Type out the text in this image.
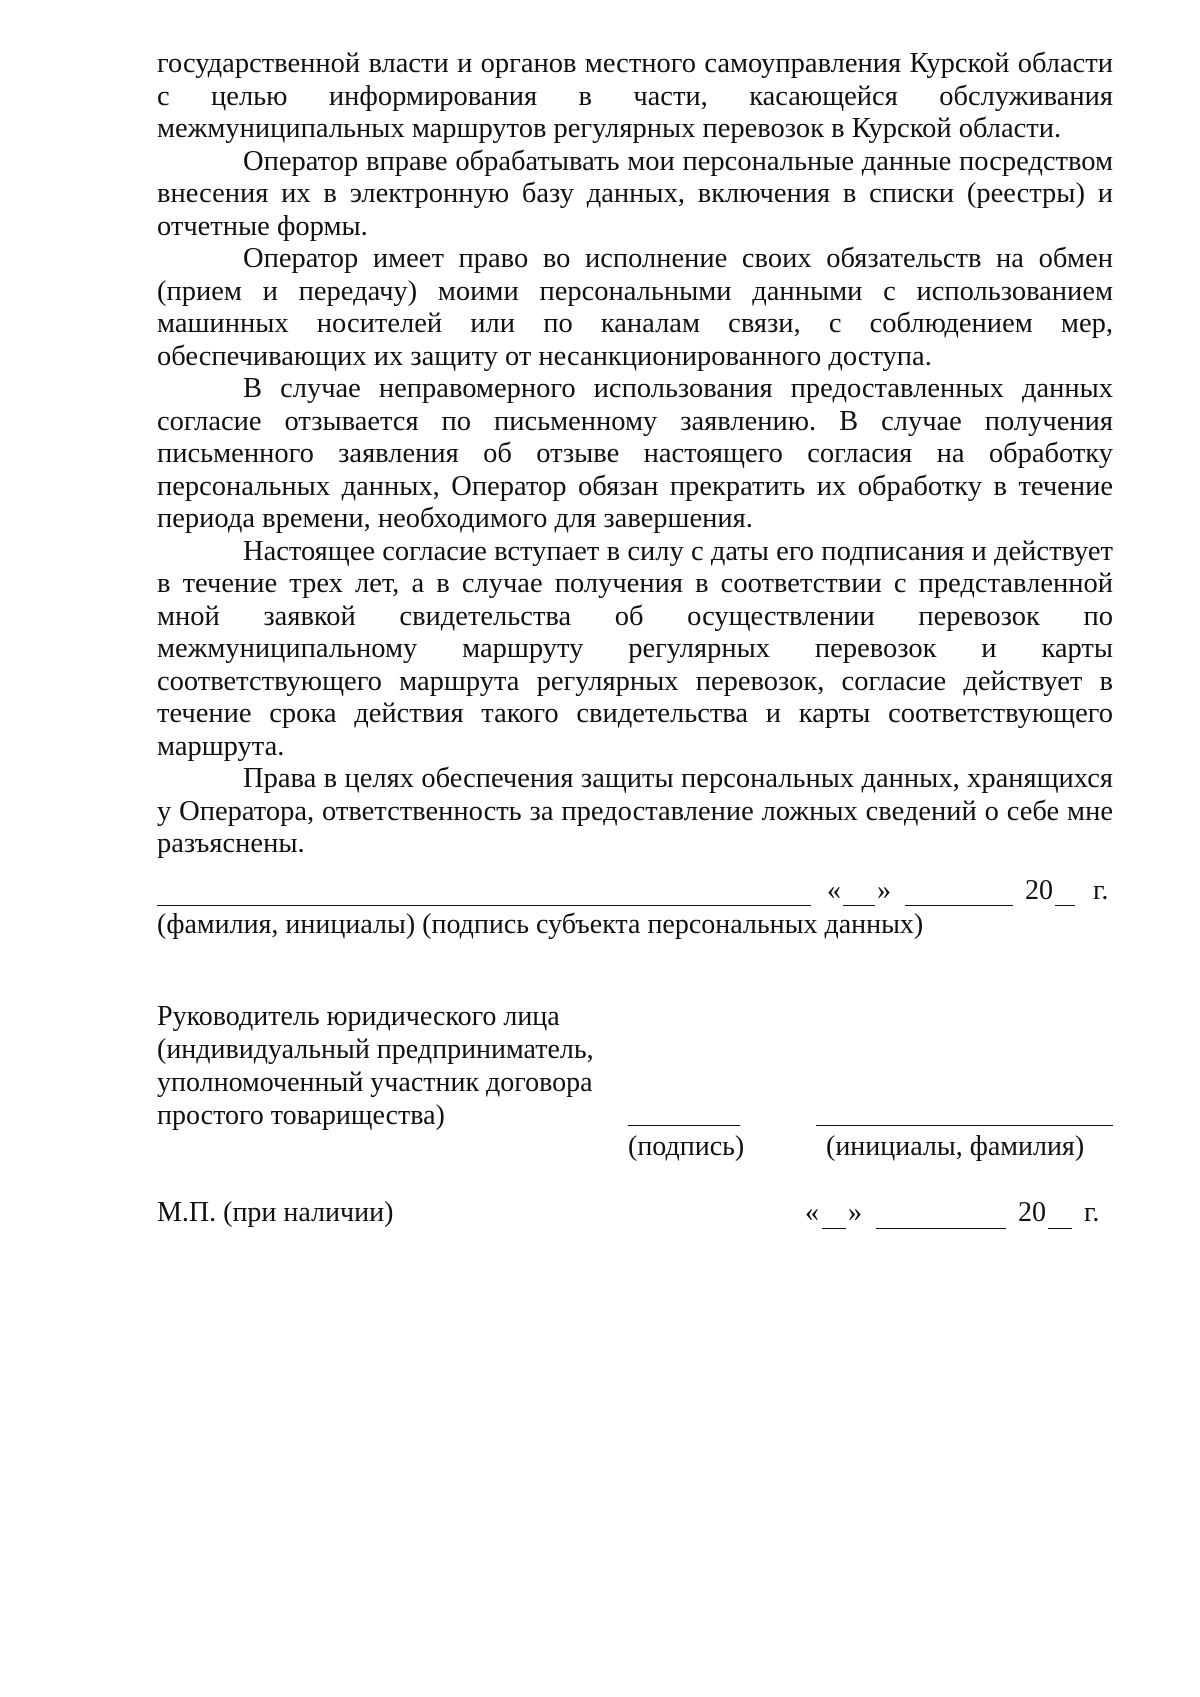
государственной власти и органов местного самоуправления Курской области с целью информирования в части, касающейся обслуживания межмуниципальных маршрутов регулярных перевозок в Курской области.

Оператор вправе обрабатывать мои персональные данные посредством внесения их в электронную базу данных, включения в списки (реестры) и отчетные формы.

Оператор имеет право во исполнение своих обязательств на обмен (прием и передачу) моими персональными данными с использованием машинных носителей или по каналам связи, с соблюдением мер, обеспечивающих их защиту от несанкционированного доступа.

В случае неправомерного использования предоставленных данных согласие отзывается по письменному заявлению. В случае получения письменного заявления об отзыве настоящего согласия на обработку персональных данных, Оператор обязан прекратить их обработку в течение периода времени, необходимого для завершения.

Настоящее согласие вступает в силу с даты его подписания и действует в течение трех лет, а в случае получения в соответствии с представленной мной заявкой свидетельства об осуществлении перевозок по межмуниципальному маршруту регулярных перевозок и карты соответствующего маршрута регулярных перевозок, согласие действует в течение срока действия такого свидетельства и карты соответствующего маршрута.

Права в целях обеспечения защиты персональных данных, хранящихся у Оператора, ответственность за предоставление ложных сведений о себе мне разъяснены.

« »	20 г.
(фамилия, инициалы) (подпись субъекта персональных данных)
Руководитель юридического лица
(индивидуальный предприниматель,
уполномоченный участник договора
простого товарищества)
(подпись)	(инициалы, фамилия)
М.П. (при наличии)	« »	20 г.
